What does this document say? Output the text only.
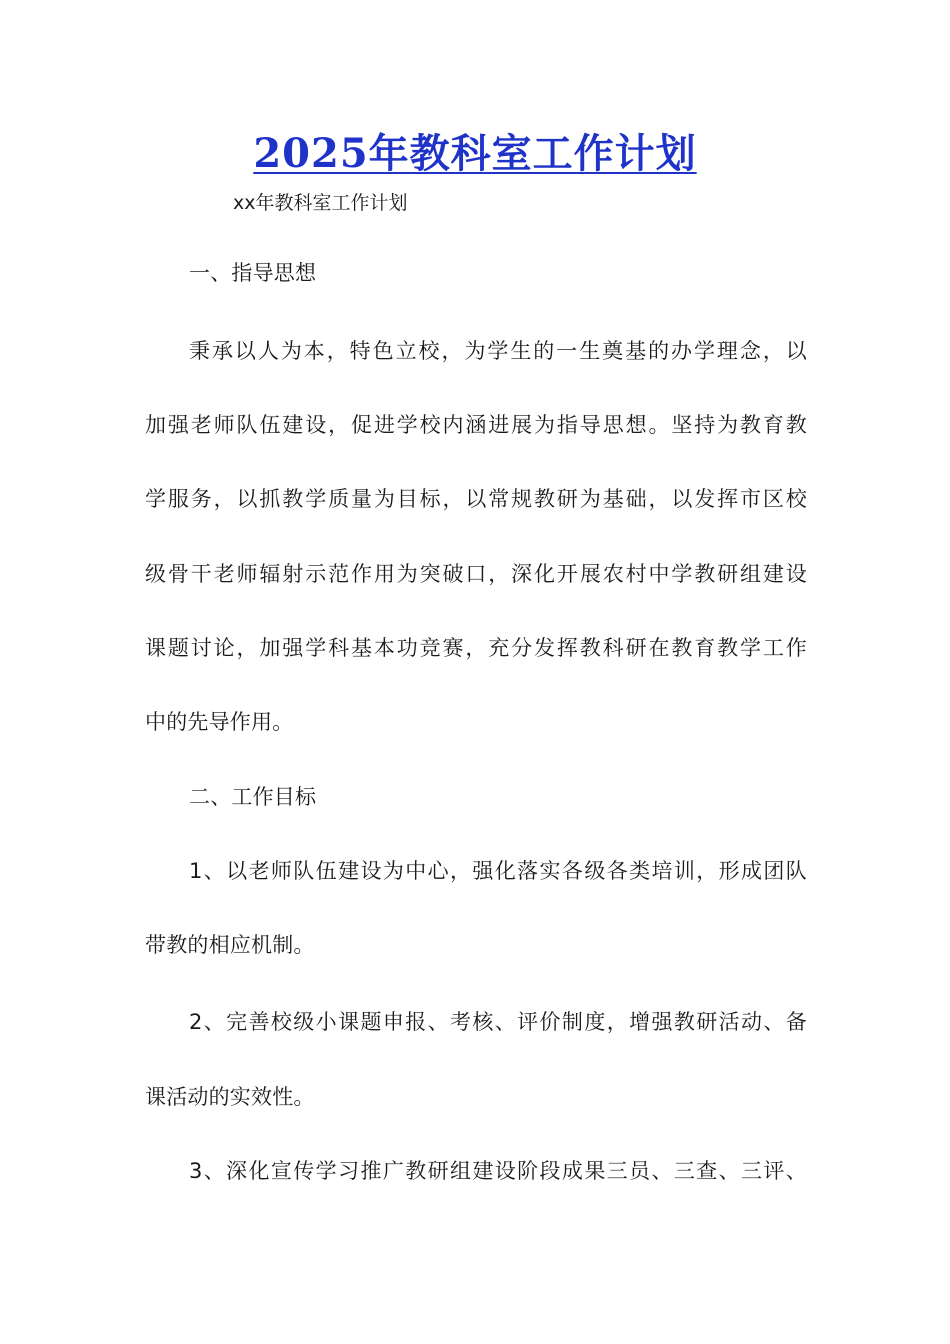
2025年教科室工作计划
xx年教科室工作计划
一、指导思想
秉承以人为本，特色立校，为学生的一生奠基的办学理念，以
加强老师队伍建设，促进学校内涵进展为指导思想。坚持为教育教
学服务，以抓教学质量为目标，以常规教研为基础，以发挥市区校
级骨干老师辐射示范作用为突破口，深化开展农村中学教研组建设
课题讨论，加强学科基本功竞赛，充分发挥教科研在教育教学工作
中的先导作用。
二、工作目标
1、以老师队伍建设为中心，强化落实各级各类培训，形成团队
带教的相应机制。
2、完善校级小课题申报、考核、评价制度，增强教研活动、备
课活动的实效性。
3、深化宣传学习推广教研组建设阶段成果三员、三查、三评、
